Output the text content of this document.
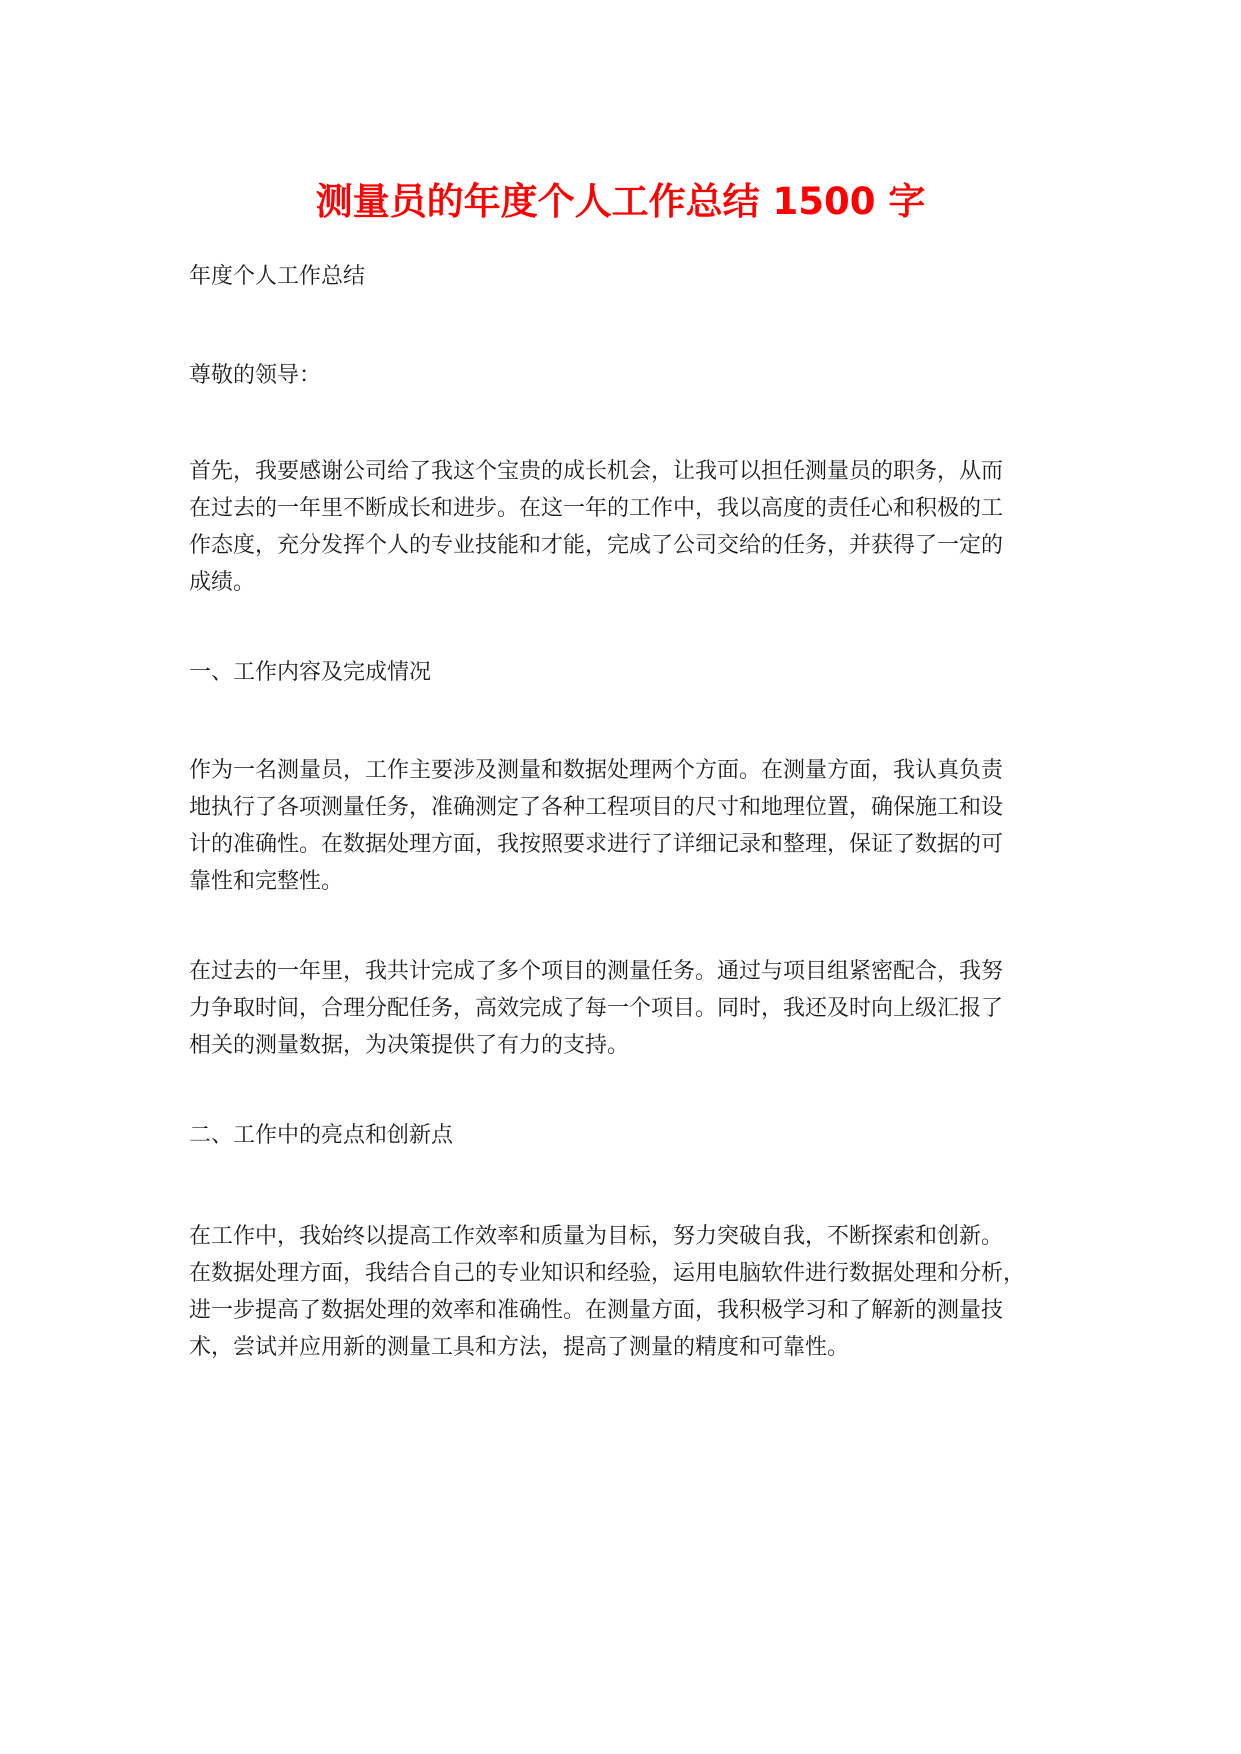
测量员的年度个人工作总结 1500 字

年度个人工作总结

尊敬的领导：

首先，我要感谢公司给了我这个宝贵的成长机会，让我可以担任测量员的职务，从而
在过去的一年里不断成长和进步。在这一年的工作中，我以高度的责任心和积极的工
作态度，充分发挥个人的专业技能和才能，完成了公司交给的任务，并获得了一定的
成绩。

一、工作内容及完成情况

作为一名测量员，工作主要涉及测量和数据处理两个方面。在测量方面，我认真负责
地执行了各项测量任务，准确测定了各种工程项目的尺寸和地理位置，确保施工和设
计的准确性。在数据处理方面，我按照要求进行了详细记录和整理，保证了数据的可
靠性和完整性。

在过去的一年里，我共计完成了多个项目的测量任务。通过与项目组紧密配合，我努
力争取时间，合理分配任务，高效完成了每一个项目。同时，我还及时向上级汇报了
相关的测量数据，为决策提供了有力的支持。

二、工作中的亮点和创新点

在工作中，我始终以提高工作效率和质量为目标，努力突破自我，不断探索和创新。
在数据处理方面，我结合自己的专业知识和经验，运用电脑软件进行数据处理和分析，
进一步提高了数据处理的效率和准确性。在测量方面，我积极学习和了解新的测量技
术，尝试并应用新的测量工具和方法，提高了测量的精度和可靠性。
